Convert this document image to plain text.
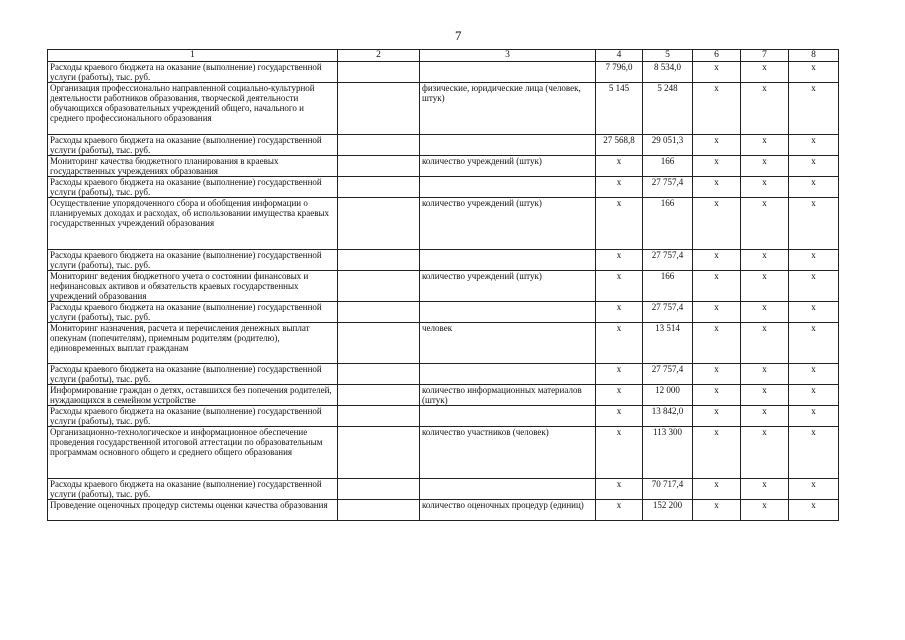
7
1	2	3	4	5	6	7	8
Расходы краевого бюджета на оказание (выполнение) государственной услуги (работы), тыс. руб.			7 796,0	8 534,0	х	х	х
Организация профессионально направленной социально-культурной деятельности работников образования, творческой деятельности обучающихся образовательных учреждений общего, начального и среднего профессионального образования		физические, юридические лица (человек, штук)	5 145	5 248	х	х	х
Расходы краевого бюджета на оказание (выполнение) государственной услуги (работы), тыс. руб.			27 568,8	29 051,3	х	х	х
Мониторинг качества бюджетного планирования в краевых государственных учреждениях образования		количество учреждений (штук)	х	166	х	х	х
Расходы краевого бюджета на оказание (выполнение) государственной услуги (работы), тыс. руб.			х	27 757,4	х	х	х
Осуществление упорядоченного сбора и обобщения информации о планируемых доходах и расходах, об использовании имущества краевых государственных учреждений образования		количество учреждений (штук)	х	166	х	х	х
Расходы краевого бюджета на оказание (выполнение) государственной услуги (работы), тыс. руб.			х	27 757,4	х	х	х
Мониторинг ведения бюджетного учета о состоянии финансовых и нефинансовых активов и обязательств краевых государственных учреждений образования		количество учреждений (штук)	х	166	х	х	х
Расходы краевого бюджета на оказание (выполнение) государственной услуги (работы), тыс. руб.			х	27 757,4	х	х	х
Мониторинг назначения, расчета и перечисления денежных выплат опекунам (попечителям), приемным родителям (родителю), единовременных выплат гражданам		человек	х	13 514	х	х	х
Расходы краевого бюджета на оказание (выполнение) государственной услуги (работы), тыс. руб.			х	27 757,4	х	х	х
Информирование граждан о детях, оставшихся без попечения родителей, нуждающихся в семейном устройстве		количество информационных материалов (штук)	х	12 000	х	х	х
Расходы краевого бюджета на оказание (выполнение) государственной услуги (работы), тыс. руб.			х	13 842,0	х	х	х
Организационно-технологическое и информационное обеспечение проведения государственной итоговой аттестации по образовательным программам основного общего и среднего общего образования		количество участников (человек)	х	113 300	х	х	х
Расходы краевого бюджета на оказание (выполнение) государственной услуги (работы), тыс. руб.			х	70 717,4	х	х	х
Проведение оценочных процедур системы оценки качества образования		количество оценочных процедур (единиц)	х	152 200	х	х	х
